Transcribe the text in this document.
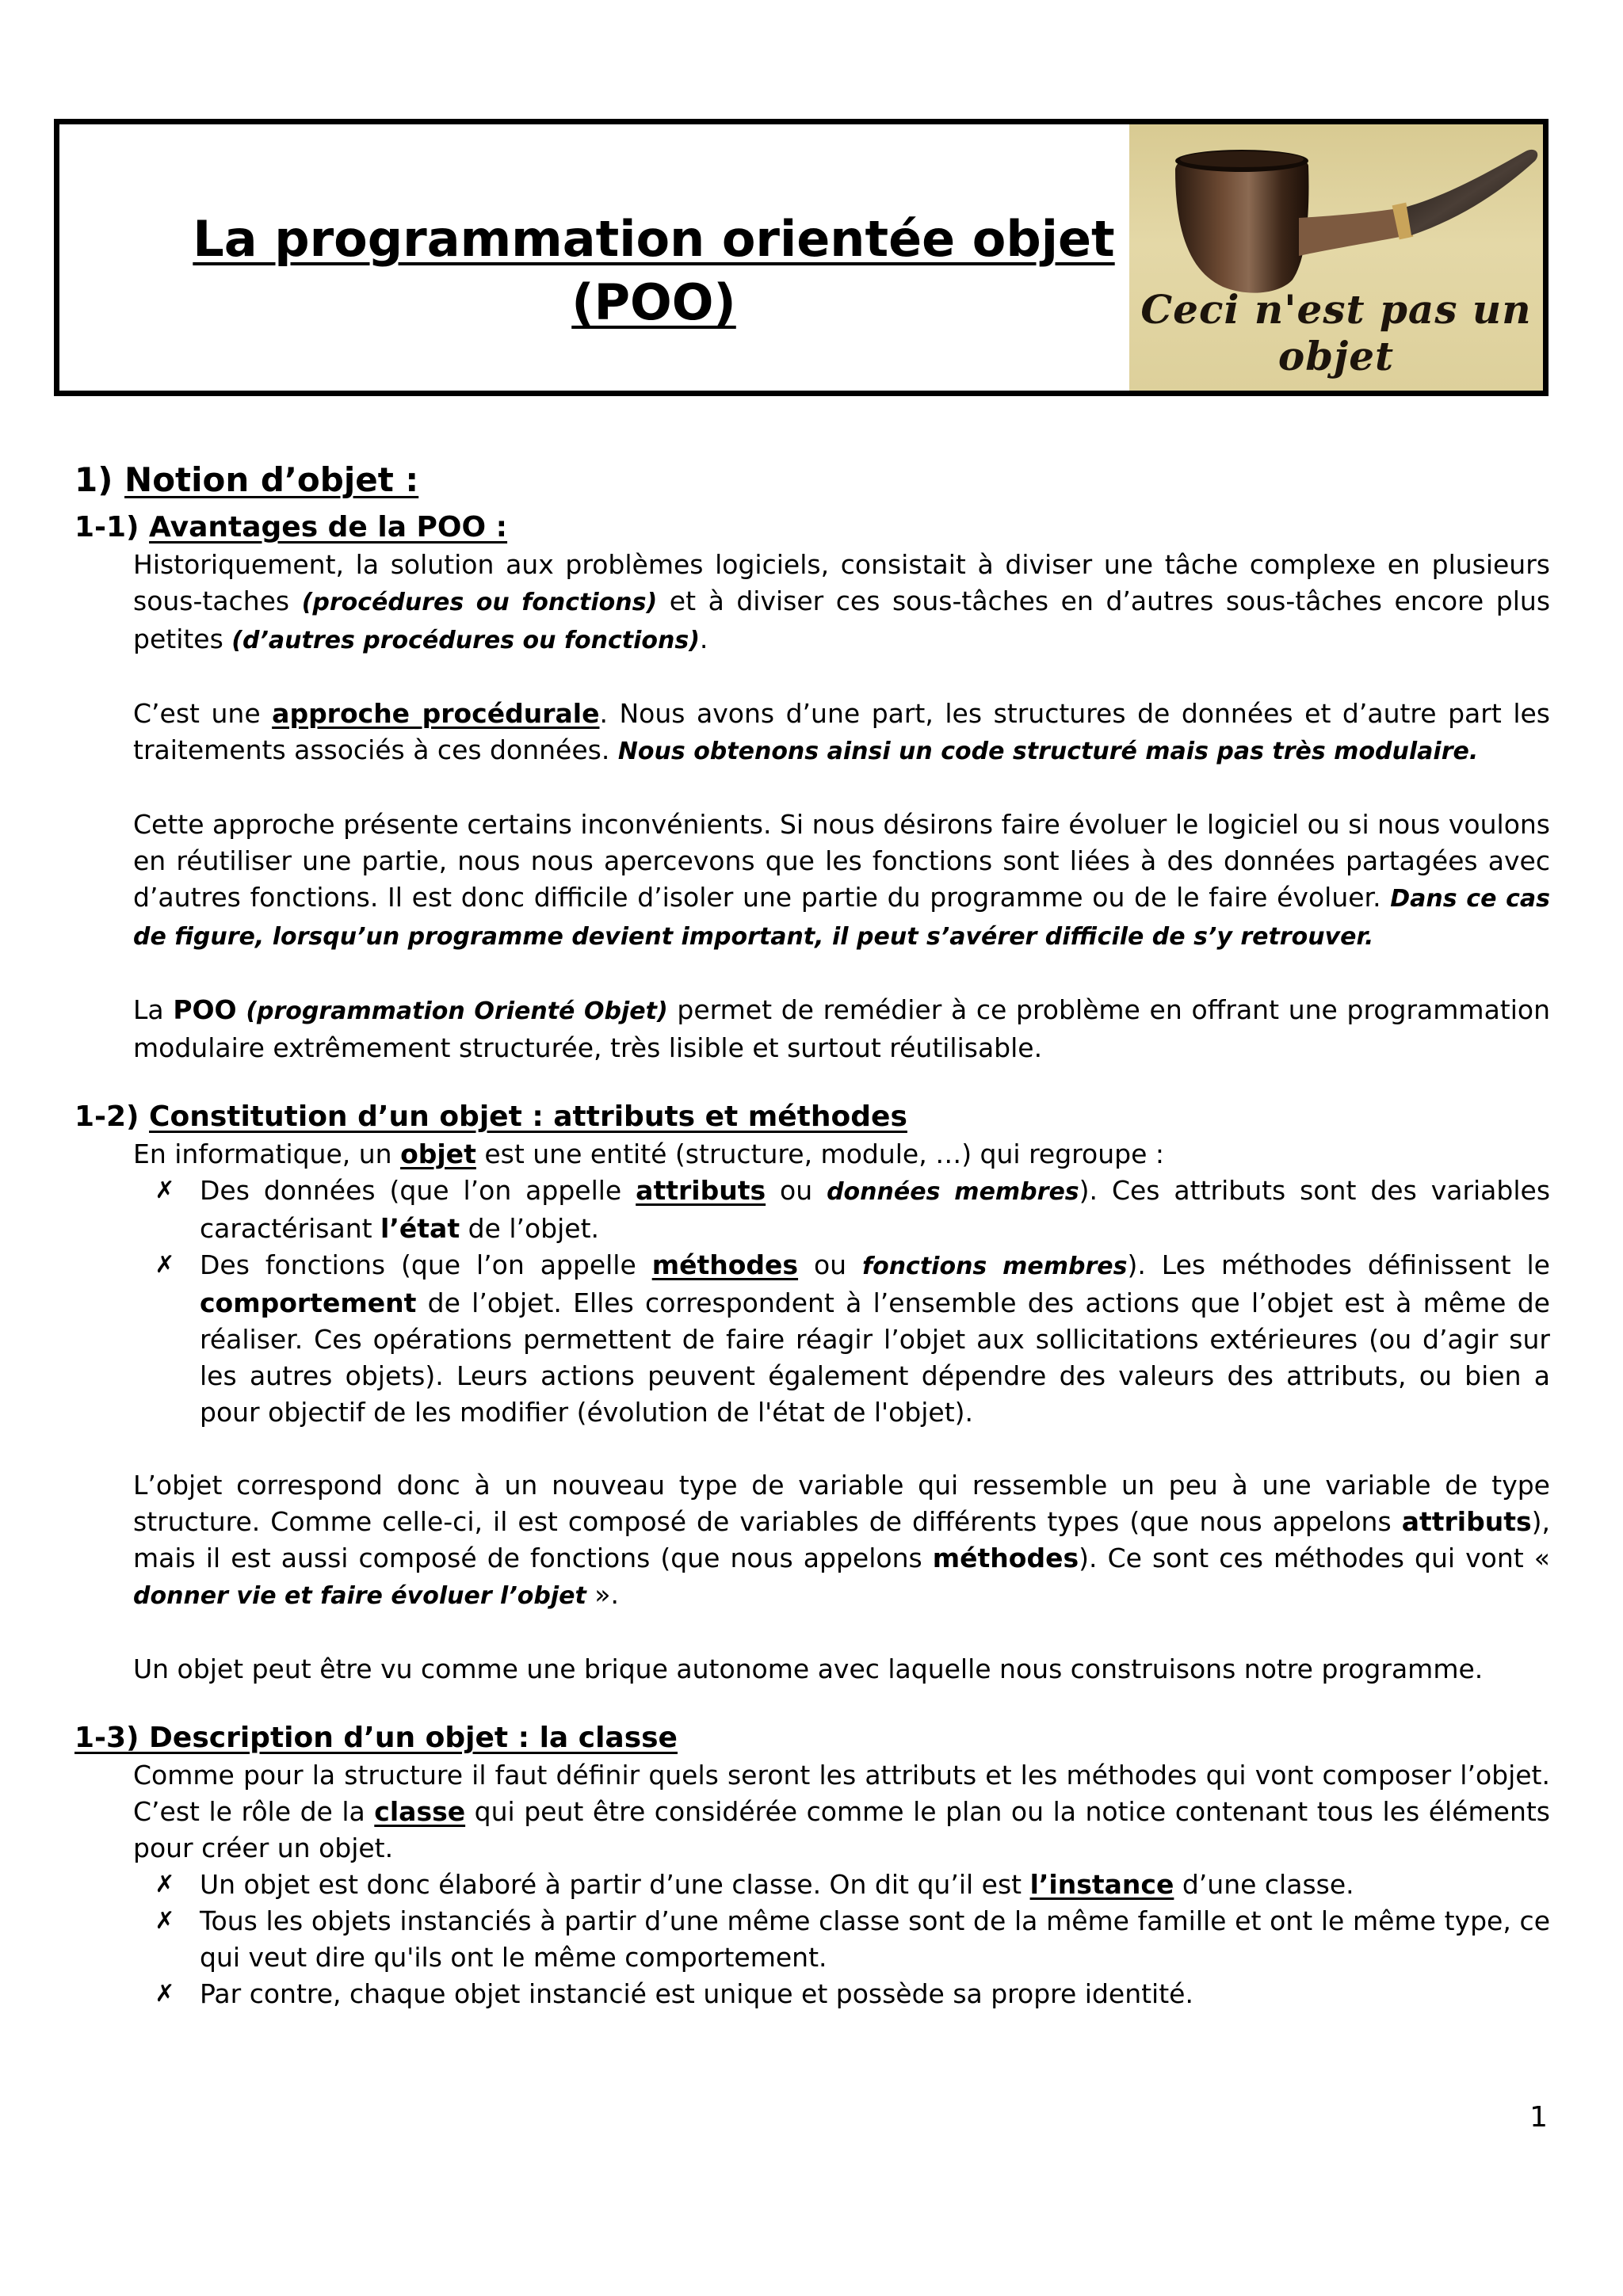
La programmation orientée objet
(POO)	Ceci n'est pas un objet
1) Notion d’objet :
1-1) Avantages de la POO :

Historiquement, la solution aux problèmes logiciels, consistait à diviser une tâche complexe en plusieurs sous-taches (procédures ou fonctions) et à diviser ces sous-tâches en d’autres sous-tâches encore plus petites (d’autres procédures ou fonctions).

C’est une approche procédurale. Nous avons d’une part, les structures de données et d’autre part les traitements associés à ces données. Nous obtenons ainsi un code structuré mais pas très modulaire.

Cette approche présente certains inconvénients. Si nous désirons faire évoluer le logiciel ou si nous voulons en réutiliser une partie, nous nous apercevons que les fonctions sont liées à des données partagées avec d’autres fonctions. Il est donc difficile d’isoler une partie du programme ou de le faire évoluer. Dans ce cas de figure, lorsqu’un programme devient important, il peut s’avérer difficile de s’y retrouver.

La POO (programmation Orienté Objet) permet de remédier à ce problème en offrant une programmation modulaire extrêmement structurée, très lisible et surtout réutilisable.

1-2) Constitution d’un objet : attributs et méthodes

En informatique, un objet est une entité (structure, module, …) qui regroupe :

✗ Des données (que l’on appelle attributs ou données membres). Ces attributs sont des variables caractérisant l’état de l’objet.
✗ Des fonctions (que l’on appelle méthodes ou fonctions membres). Les méthodes définissent le comportement de l’objet. Elles correspondent à l’ensemble des actions que l’objet est à même de réaliser. Ces opérations permettent de faire réagir l’objet aux sollicitations extérieures (ou d’agir sur les autres objets). Leurs actions peuvent également dépendre des valeurs des attributs, ou bien a pour objectif de les modifier (évolution de l'état de l'objet).

L’objet correspond donc à un nouveau type de variable qui ressemble un peu à une variable de type structure. Comme celle-ci, il est composé de variables de différents types (que nous appelons attributs), mais il est aussi composé de fonctions (que nous appelons méthodes). Ce sont ces méthodes qui vont « donner vie et faire évoluer l’objet ».

Un objet peut être vu comme une brique autonome avec laquelle nous construisons notre programme.

1-3) Description d’un objet : la classe

Comme pour la structure il faut définir quels seront les attributs et les méthodes qui vont composer l’objet. C’est le rôle de la classe qui peut être considérée comme le plan ou la notice contenant tous les éléments pour créer un objet.

✗ Un objet est donc élaboré à partir d’une classe. On dit qu’il est l’instance d’une classe.
✗ Tous les objets instanciés à partir d’une même classe sont de la même famille et ont le même type, ce qui veut dire qu'ils ont le même comportement.
✗ Par contre, chaque objet instancié est unique et possède sa propre identité.
1
